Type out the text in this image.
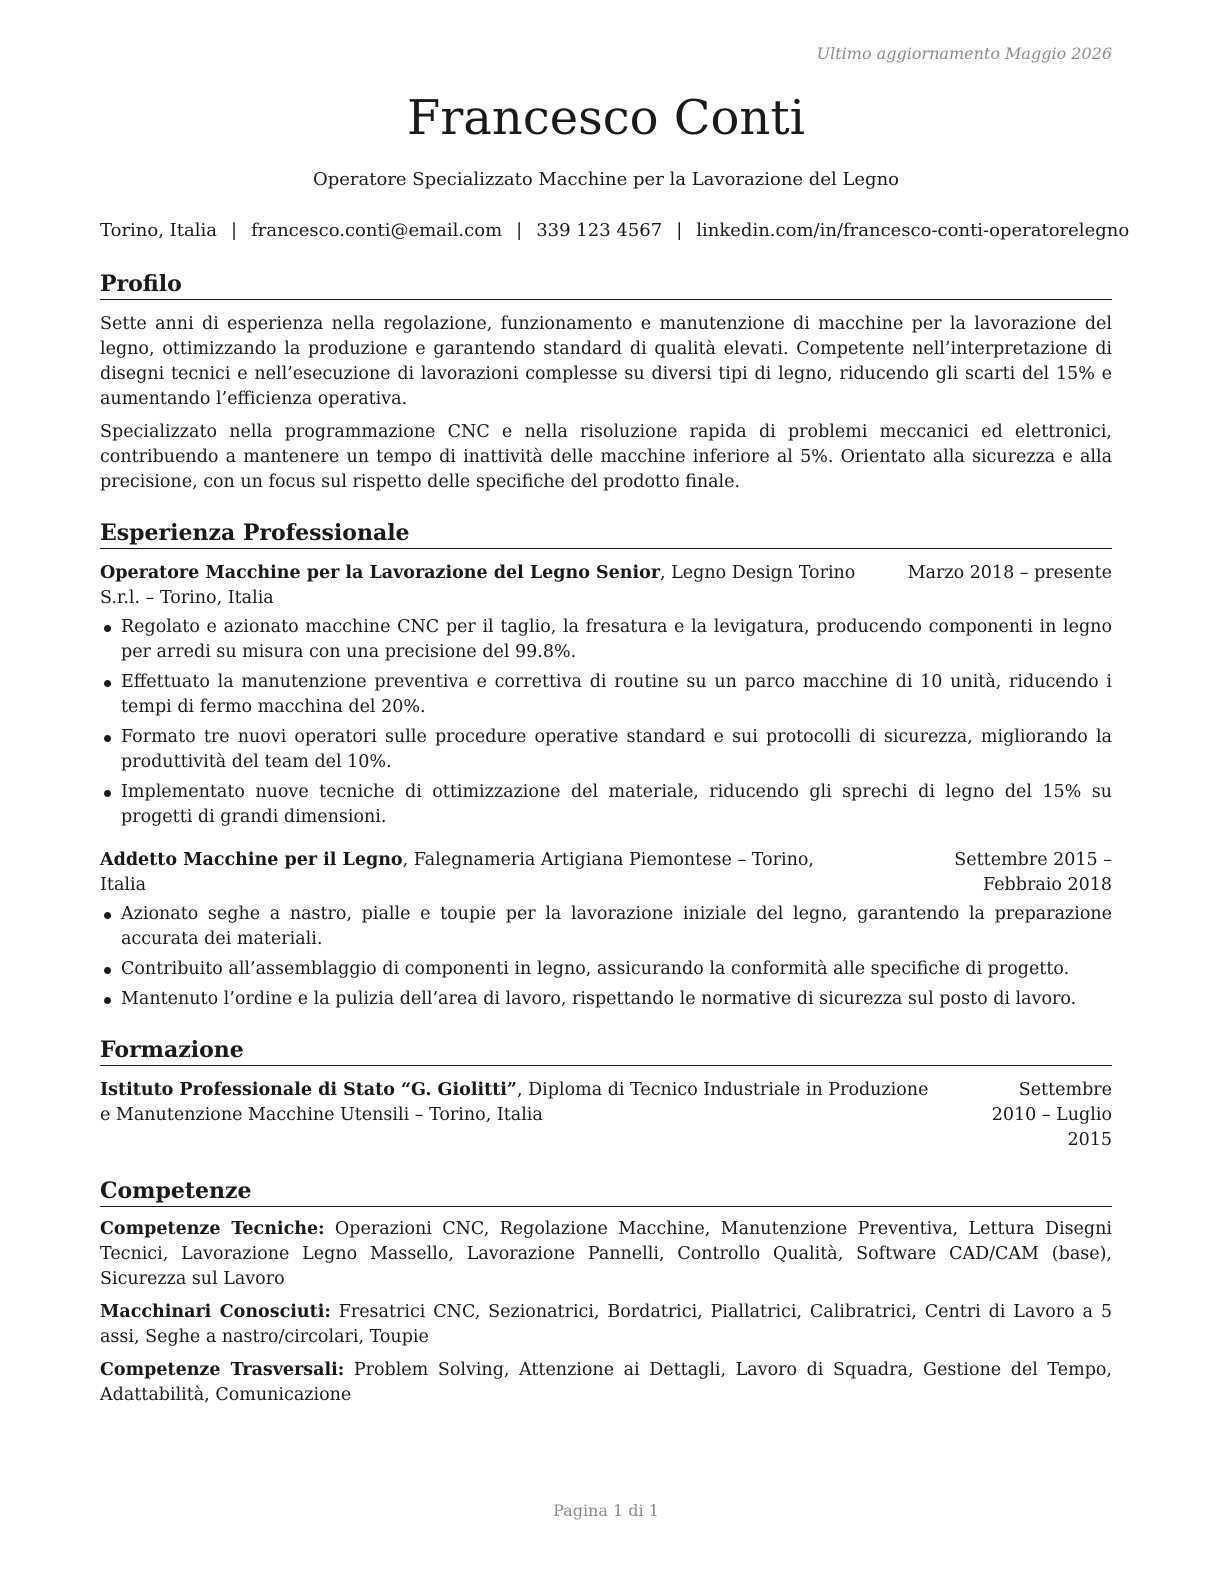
Ultimo aggiornamento Maggio 2026
Francesco Conti
Operatore Specializzato Macchine per la Lavorazione del Legno
Torino, Italia | francesco.conti@email.com | 339 123 4567 | linkedin.com/in/francesco-conti-operatorelegno
Profilo

Sette anni di esperienza nella regolazione, funzionamento e manutenzione di macchine per la lavorazione del legno, ottimizzando la produzione e garantendo standard di qualità elevati. Competente nell’interpretazione di disegni tecnici e nell’esecuzione di lavorazioni complesse su diversi tipi di legno, riducendo gli scarti del 15% e aumentando l’efficienza operativa.

Specializzato nella programmazione CNC e nella risoluzione rapida di problemi meccanici ed elettronici, contribuendo a mantenere un tempo di inattività delle macchine inferiore al 5%. Orientato alla sicurezza e alla precisione, con un focus sul rispetto delle specifiche del prodotto finale.

Esperienza Professionale
Operatore Macchine per la Lavorazione del Legno Senior, Legno Design Torino S.r.l. – Torino, Italia
Marzo 2018 – presente
Regolato e azionato macchine CNC per il taglio, la fresatura e la levigatura, producendo componenti in legno per arredi su misura con una precisione del 99.8%.
Effettuato la manutenzione preventiva e correttiva di routine su un parco macchine di 10 unità, riducendo i tempi di fermo macchina del 20%.
Formato tre nuovi operatori sulle procedure operative standard e sui protocolli di sicurezza, migliorando la produttività del team del 10%.
Implementato nuove tecniche di ottimizzazione del materiale, riducendo gli sprechi di legno del 15% su progetti di grandi dimensioni.
Addetto Macchine per il Legno, Falegnameria Artigiana Piemontese – Torino, Italia
Settembre 2015 – Febbraio 2018
Azionato seghe a nastro, pialle e toupie per la lavorazione iniziale del legno, garantendo la preparazione accurata dei materiali.
Contribuito all’assemblaggio di componenti in legno, assicurando la conformità alle specifiche di progetto.
Mantenuto l’ordine e la pulizia dell’area di lavoro, rispettando le normative di sicurezza sul posto di lavoro.
Formazione
Istituto Professionale di Stato “G. Giolitti”, Diploma di Tecnico Industriale in Produzione e Manutenzione Macchine Utensili – Torino, Italia
Settembre 2010 – Luglio 2015
Competenze

Competenze Tecniche: Operazioni CNC, Regolazione Macchine, Manutenzione Preventiva, Lettura Disegni Tecnici, Lavorazione Legno Massello, Lavorazione Pannelli, Controllo Qualità, Software CAD/CAM (base), Sicurezza sul Lavoro

Macchinari Conosciuti: Fresatrici CNC, Sezionatrici, Bordatrici, Piallatrici, Calibratrici, Centri di Lavoro a 5 assi, Seghe a nastro/circolari, Toupie

Competenze Trasversali: Problem Solving, Attenzione ai Dettagli, Lavoro di Squadra, Gestione del Tempo, Adattabilità, Comunicazione

Pagina 1 di 1
